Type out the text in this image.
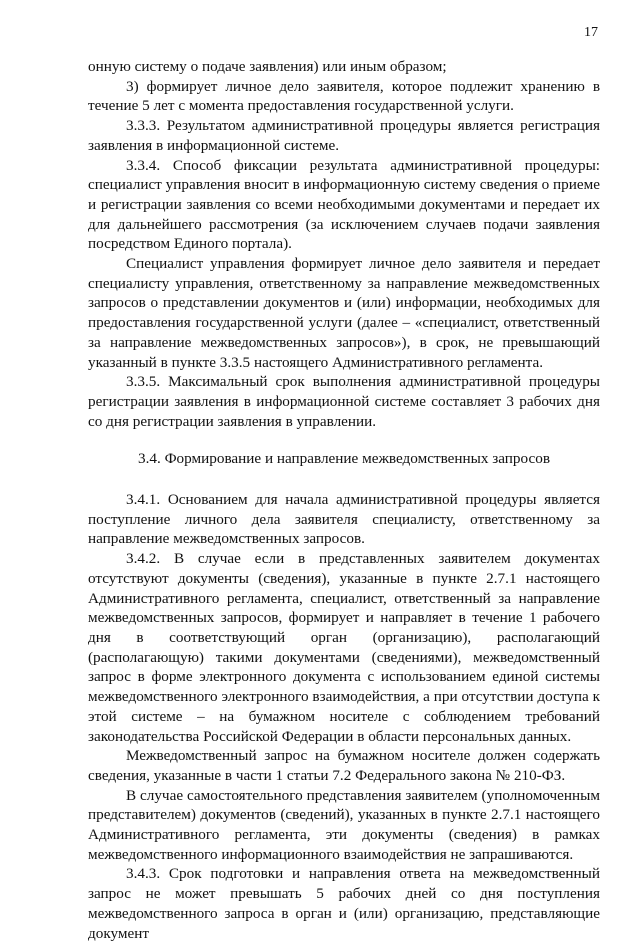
17

онную систему о подаче заявления) или иным образом;

3) формирует личное дело заявителя, которое подлежит хранению в течение 5 лет с момента предоставления государственной услуги.

3.3.3. Результатом административной процедуры является регистрация заявления в информационной системе.

3.3.4. Способ фиксации результата административной процедуры: специалист управления вносит в информационную систему сведения о приеме и регистрации заявления со всеми необходимыми документами и передает их для дальнейшего рассмотрения (за исключением случаев подачи заявления посредством Единого портала).

Специалист управления формирует личное дело заявителя и передает специалисту управления, ответственному за направление межведомственных запросов о представлении документов и (или) информации, необходимых для предоставления государственной услуги (далее – «специалист, ответственный за направление межведомственных запросов»), в срок, не превышающий указанный в пункте 3.3.5 настоящего Административного регламента.

3.3.5. Максимальный срок выполнения административной процедуры регистрации заявления в информационной системе составляет 3 рабочих дня со дня регистрации заявления в управлении.

3.4. Формирование и направление межведомственных запросов

3.4.1. Основанием для начала административной процедуры является поступление личного дела заявителя специалисту, ответственному за направление межведомственных запросов.

3.4.2. В случае если в представленных заявителем документах отсутствуют документы (сведения), указанные в пункте 2.7.1 настоящего Административного регламента, специалист, ответственный за направление межведомственных запросов, формирует и направляет в течение 1 рабочего дня в соответствующий орган (организацию), располагающий (располагающую) такими документами (сведениями), межведомственный запрос в форме электронного документа с использованием единой системы межведомственного электронного взаимодействия, а при отсутствии доступа к этой системе – на бумажном носителе с соблюдением требований законодательства Российской Федерации в области персональных данных.

Межведомственный запрос на бумажном носителе должен содержать сведения, указанные в части 1 статьи 7.2 Федерального закона № 210-ФЗ.

В случае самостоятельного представления заявителем (уполномоченным представителем) документов (сведений), указанных в пункте 2.7.1 настоящего Административного регламента, эти документы (сведения) в рамках межведомственного информационного взаимодействия не запрашиваются.

3.4.3. Срок подготовки и направления ответа на межведомственный запрос не может превышать 5 рабочих дней со дня поступления межведомственного запроса в орган и (или) организацию, представляющие документ
